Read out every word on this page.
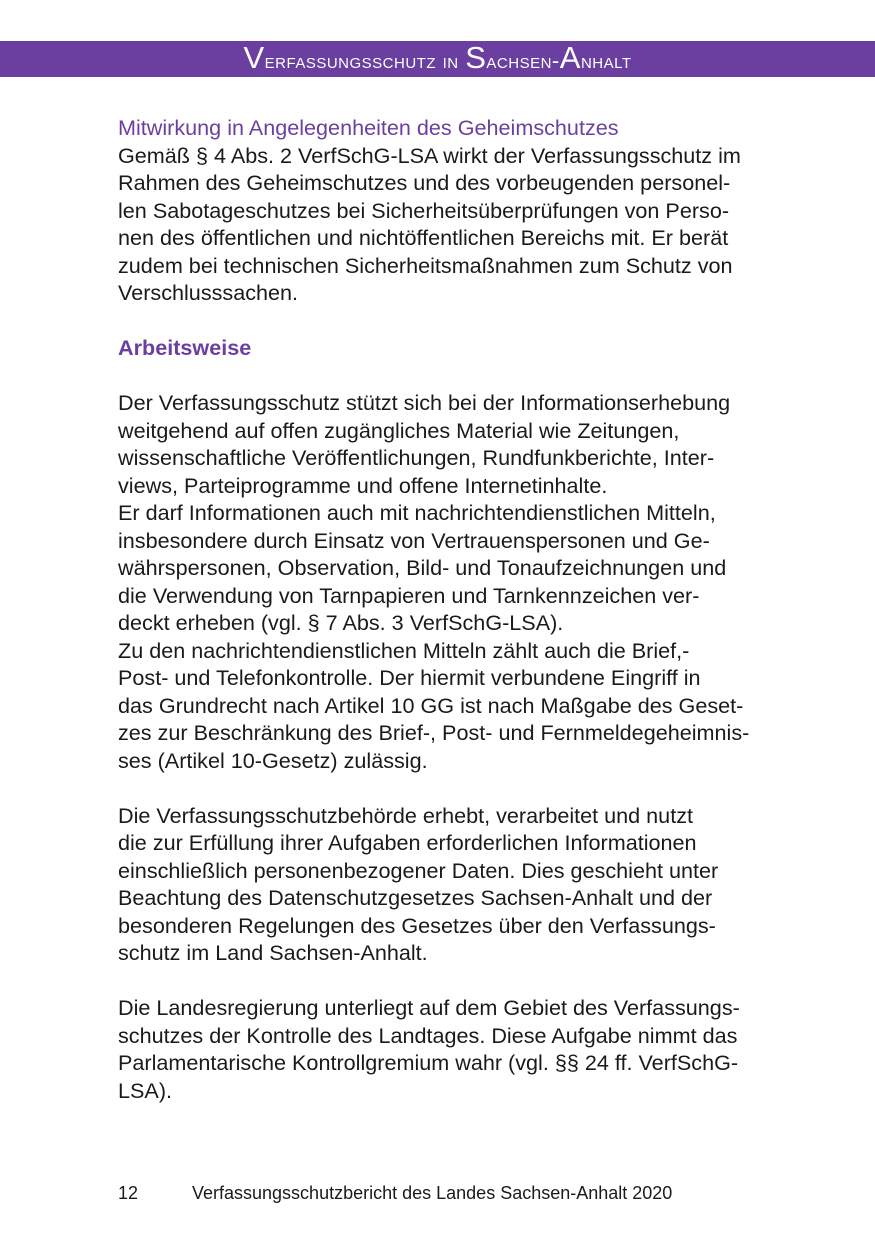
Verfassungsschutz in Sachsen-Anhalt
Mitwirkung in Angelegenheiten des Geheimschutzes
Gemäß § 4 Abs. 2 VerfSchG-LSA wirkt der Verfassungsschutz im
Rahmen des Geheimschutzes und des vorbeugenden personel-
len Sabotageschutzes bei Sicherheitsüberprüfungen von Perso-
nen des öffentlichen und nichtöffentlichen Bereichs mit. Er berät
zudem bei technischen Sicherheitsmaßnahmen zum Schutz von
Verschlusssachen.
Arbeitsweise
Der Verfassungsschutz stützt sich bei der Informationserhebung
weitgehend auf offen zugängliches Material wie Zeitungen,
wissenschaftliche Veröffentlichungen, Rundfunkberichte, Inter-
views, Parteiprogramme und offene Internetinhalte.
Er darf Informationen auch mit nachrichtendienstlichen Mitteln,
insbesondere durch Einsatz von Vertrauenspersonen und Ge-
währspersonen, Observation, Bild- und Tonaufzeichnungen und
die Verwendung von Tarnpapieren und Tarnkennzeichen ver-
deckt erheben (vgl. § 7 Abs. 3 VerfSchG-LSA).
Zu den nachrichtendienstlichen Mitteln zählt auch die Brief,-
Post- und Telefonkontrolle. Der hiermit verbundene Eingriff in
das Grundrecht nach Artikel 10 GG ist nach Maßgabe des Geset-
zes zur Beschränkung des Brief-, Post- und Fernmeldegeheimnis-
ses (Artikel 10-Gesetz) zulässig.
Die Verfassungsschutzbehörde erhebt, verarbeitet und nutzt
die zur Erfüllung ihrer Aufgaben erforderlichen Informationen
einschließlich personenbezogener Daten. Dies geschieht unter
Beachtung des Datenschutzgesetzes Sachsen-Anhalt und der
besonderen Regelungen des Gesetzes über den Verfassungs-
schutz im Land Sachsen-Anhalt.
Die Landesregierung unterliegt auf dem Gebiet des Verfassungs-
schutzes der Kontrolle des Landtages. Diese Aufgabe nimmt das
Parlamentarische Kontrollgremium wahr (vgl. §§ 24 ff. VerfSchG-
LSA).
12	Verfassungsschutzbericht des Landes Sachsen-Anhalt 2020
